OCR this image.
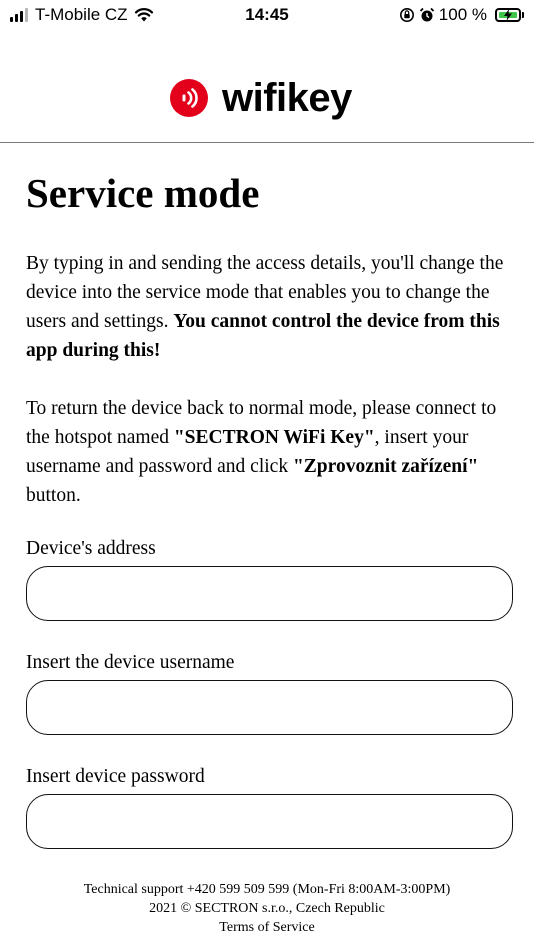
T-Mobile CZ	14:45	100 %
wifikey
Service mode

By typing in and sending the access details, you'll change the device into the service mode that enables you to change the users and settings. You cannot control the device from this app during this!

To return the device back to normal mode, please connect to the hotspot named "SECTRON WiFi Key", insert your username and password and click "Zprovoznit zařízení" button.

Device's address
Insert the device username
Insert device password
Technical support +420 599 509 599 (Mon-Fri 8:00AM-3:00PM)
2021 © SECTRON s.r.o., Czech Republic
Terms of Service
